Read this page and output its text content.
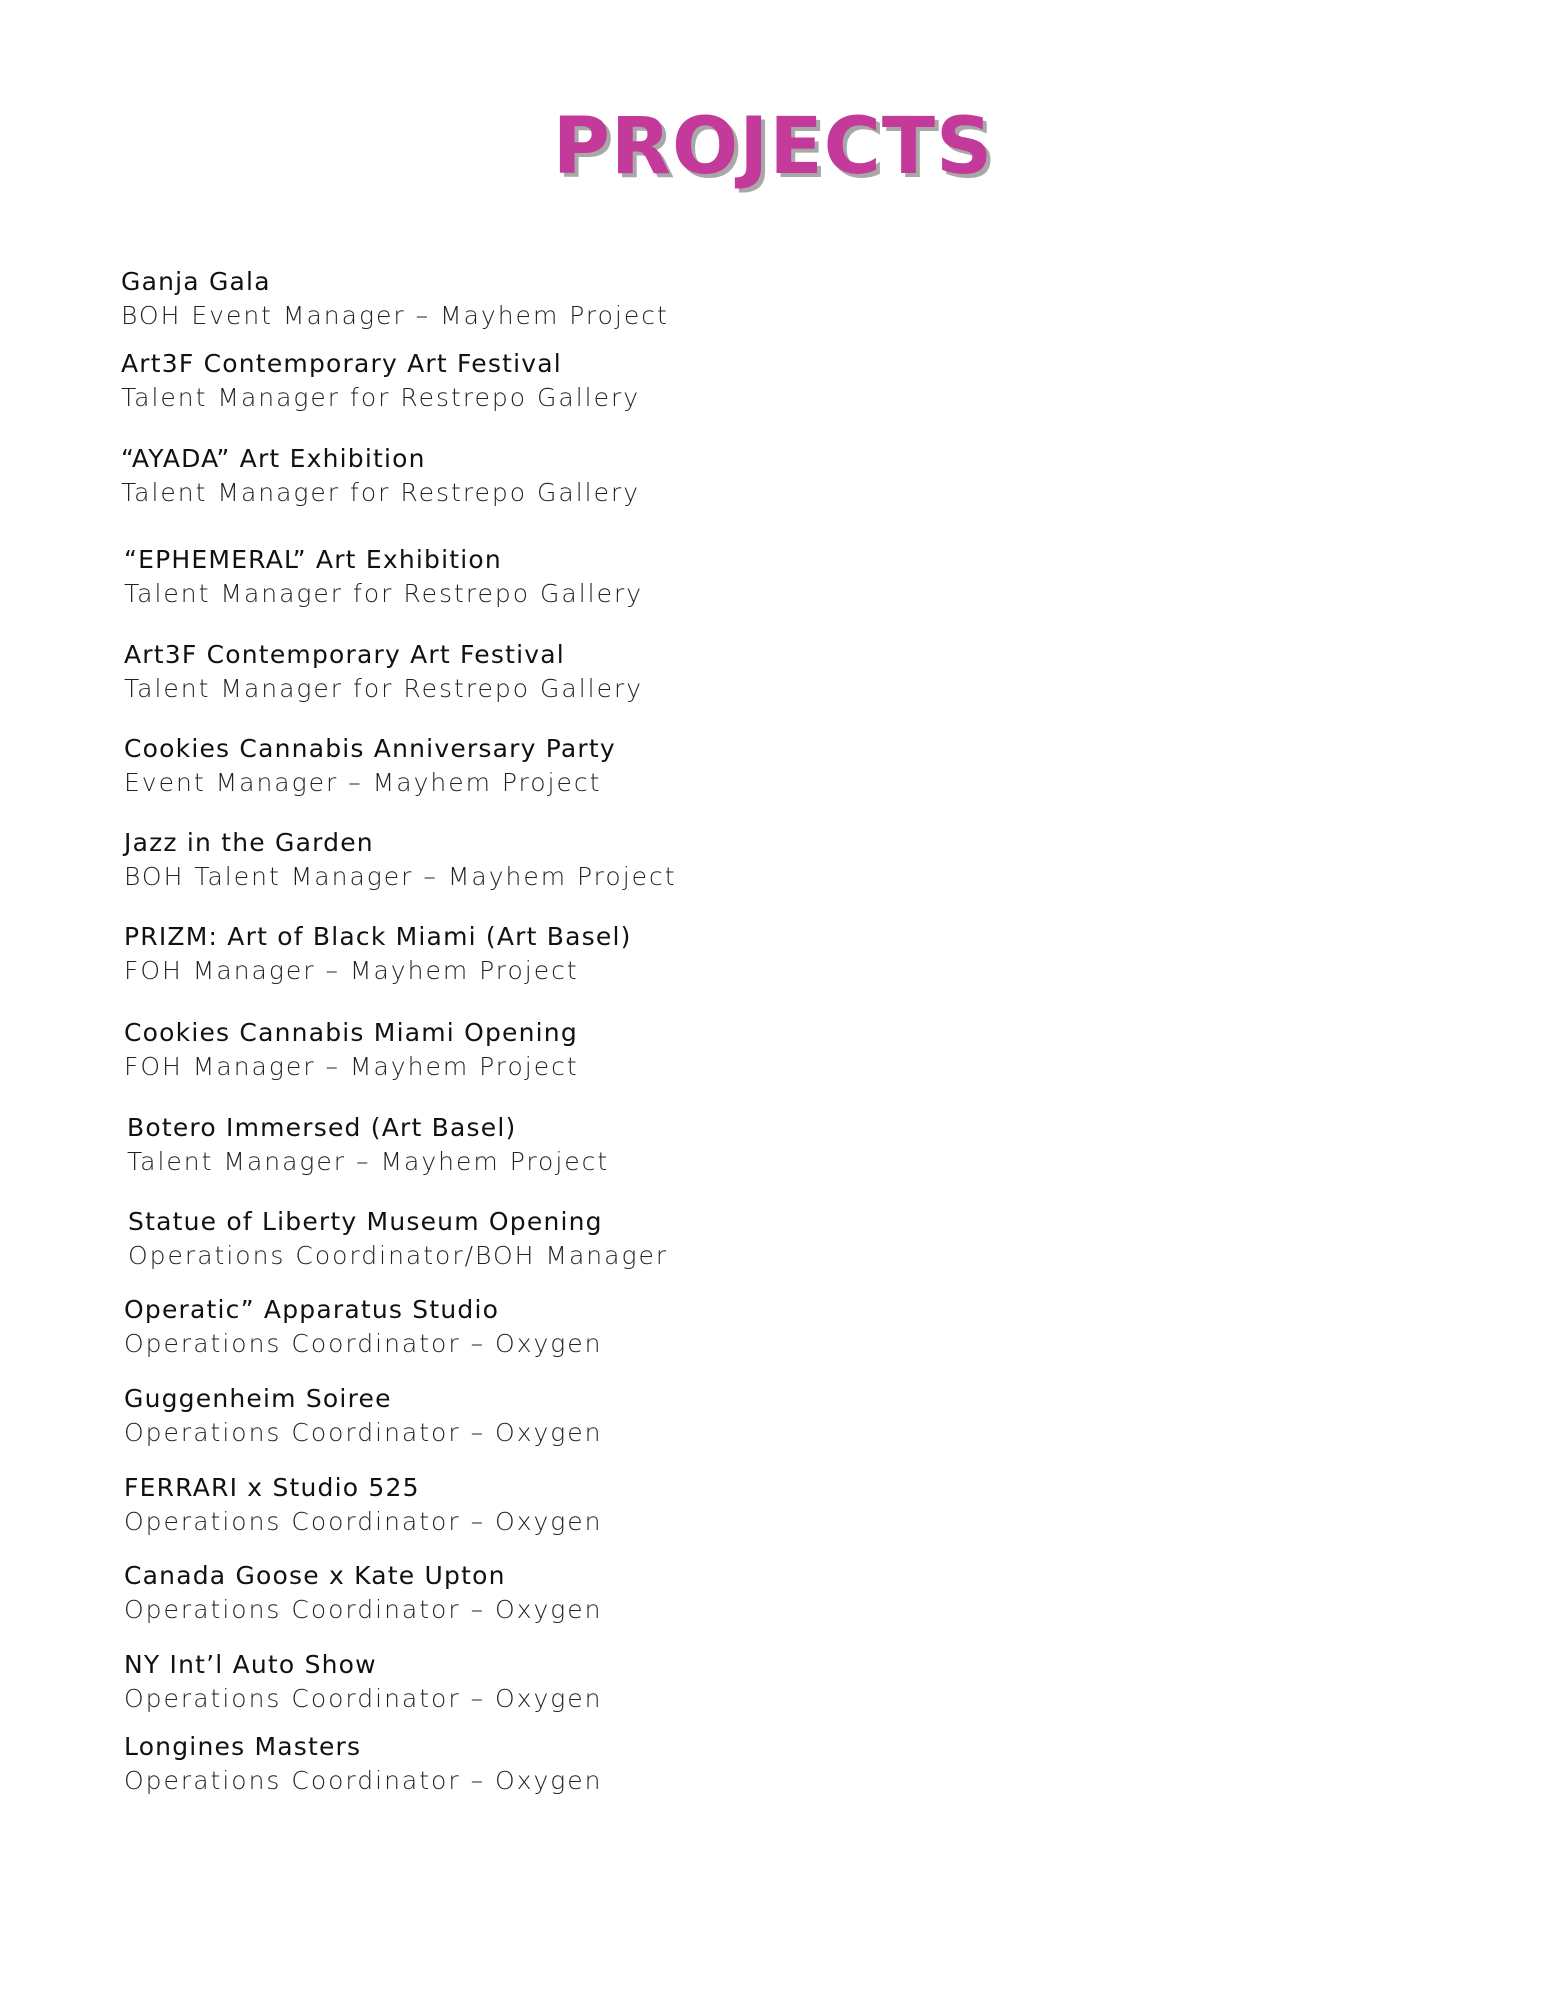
PROJECTS
Ganja Gala
BOH Event Manager – Mayhem Project
Art3F Contemporary Art Festival
Talent Manager for Restrepo Gallery
“AYADA” Art Exhibition
Talent Manager for Restrepo Gallery
“EPHEMERAL” Art Exhibition
Talent Manager for Restrepo Gallery
Art3F Contemporary Art Festival
Talent Manager for Restrepo Gallery
Cookies Cannabis Anniversary Party
Event Manager – Mayhem Project
Jazz in the Garden
BOH Talent Manager – Mayhem Project
PRIZM: Art of Black Miami (Art Basel)
FOH Manager – Mayhem Project
Cookies Cannabis Miami Opening
FOH Manager – Mayhem Project
Botero Immersed (Art Basel)
Talent Manager – Mayhem Project
Statue of Liberty Museum Opening
Operations Coordinator/BOH Manager
Operatic” Apparatus Studio
Operations Coordinator – Oxygen
Guggenheim Soiree
Operations Coordinator – Oxygen
FERRARI x Studio 525
Operations Coordinator – Oxygen
Canada Goose x Kate Upton
Operations Coordinator – Oxygen
NY Int’l Auto Show
Operations Coordinator – Oxygen
Longines Masters
Operations Coordinator – Oxygen
